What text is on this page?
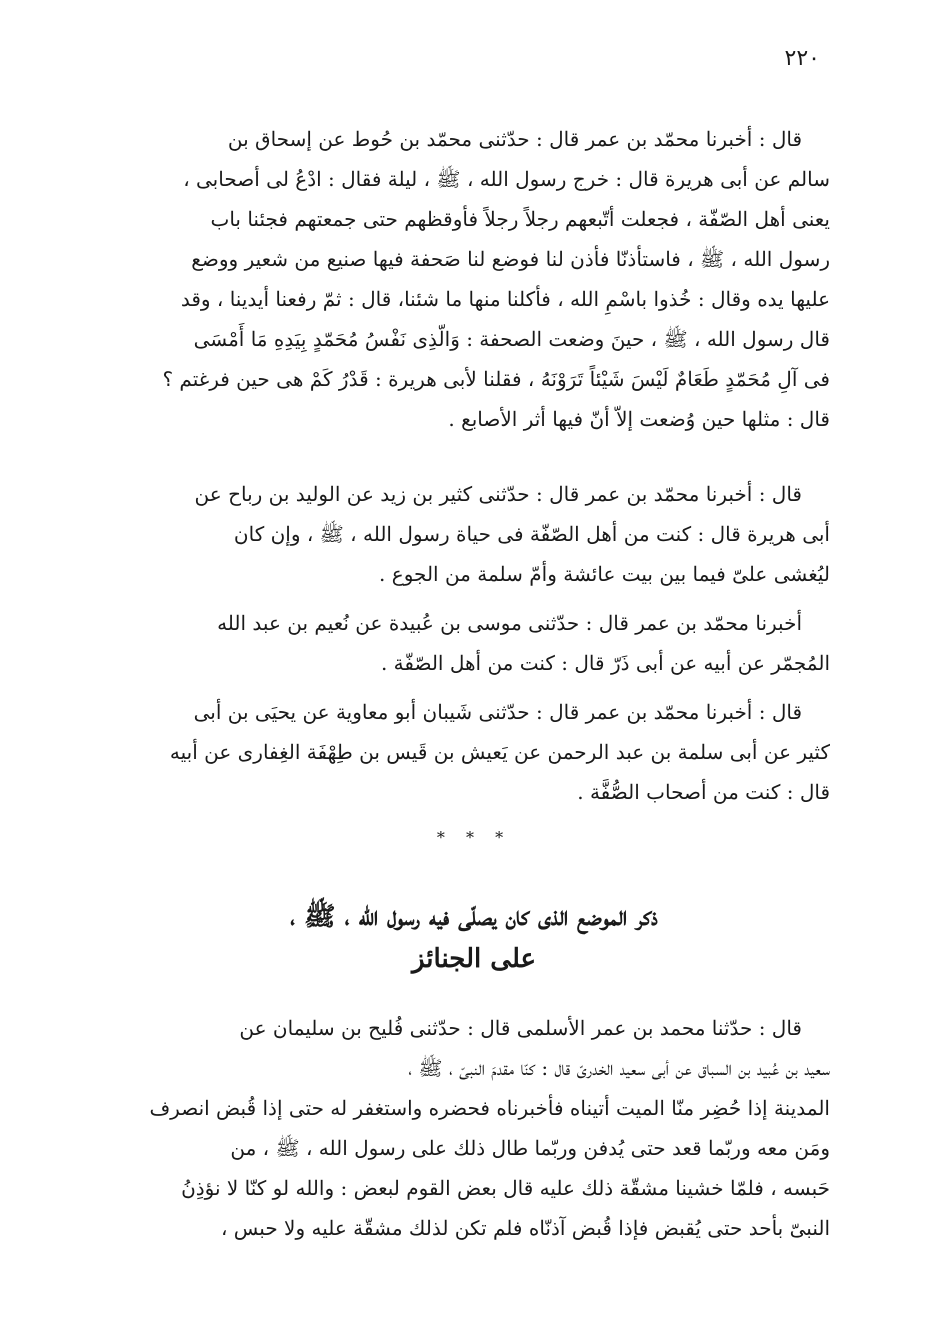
٢٢٠
قال : أخبرنا محمّد بن عمر قال : حدّثنى محمّد بن حُوط عن إسحاق بن
سالم عن أبى هريرة قال : خرج رسول الله ، ﷺ ، ليلة فقال : ادْعُ لى أصحابى ،
يعنى أهل الصّفّة ، فجعلت أتّبعهم رجلاً رجلاً فأوقظهم حتى جمعتهم فجئنا باب
رسول الله ، ﷺ ، فاستأذنّا فأذن لنا فوضع لنا صَحفة فيها صنيع من شعير ووضع
عليها يده وقال : خُذوا باسْمِ الله ، فأكلنا منها ما شئنا، قال : ثمّ رفعنا أيدينا ، وقد
قال رسول الله ، ﷺ ، حينَ وضعت الصحفة : وَالّذِى نَفْسُ مُحَمّدٍ بِيَدِهِ مَا أَمْسَى
فى آلِ مُحَمّدٍ طَعَامٌ لَيْسَ شَيْئاً تَرَوْنَهُ ، فقلنا لأبى هريرة : قَدْرُ كَمْ هى حين فرغتم ؟
قال : مثلها حين وُضعت إلاّ أنّ فيها أثر الأصابع .
قال : أخبرنا محمّد بن عمر قال : حدّثنى كثير بن زيد عن الوليد بن رباح عن
أبى هريرة قال : كنت من أهل الصّفّة فى حياة رسول الله ، ﷺ ، وإن كان
ليُغشى علىّ فيما بين بيت عائشة وأمّ سلمة من الجوع .
أخبرنا محمّد بن عمر قال : حدّثنى موسى بن عُبيدة عن نُعيم بن عبد الله
المُجمّر عن أبيه عن أبى ذَرّ قال : كنت من أهل الصّفّة .
قال : أخبرنا محمّد بن عمر قال : حدّثنى شَيبان أبو معاوية عن يحيَى بن أبى
كثير عن أبى سلمة بن عبد الرحمن عن يَعيش بن قَيس بن طِهْفَة الغِفارى عن أبيه
قال : كنت من أصحاب الصُّفَّة .
* * *
ذكر الموضع الذى كان يصلّى فيه رسول الله ، ﷺ ،
على الجنائز
قال : حدّثنا محمد بن عمر الأسلمى قال : حدّثنى فُليح بن سليمان عن
سعيد بن عُبيد بن السباق عن أبى سعيد الخدرىّ قال : كنّا مقدمَ النبىّ ، ﷺ ،
المدينة إذا حُضِر منّا الميت أتيناه فأخبرناه فحضره واستغفر له حتى إذا قُبض انصرف
ومَن معه وربّما قعد حتى يُدفن وربّما طال ذلك على رسول الله ، ﷺ ، من
حَبسه ، فلمّا خشينا مشقّة ذلك عليه قال بعض القوم لبعض : والله لو كنّا لا نؤذِنُ
النبىّ بأحد حتى يُقبض فإذا قُبض آذنّاه فلم تكن لذلك مشقّة عليه ولا حبس ،
